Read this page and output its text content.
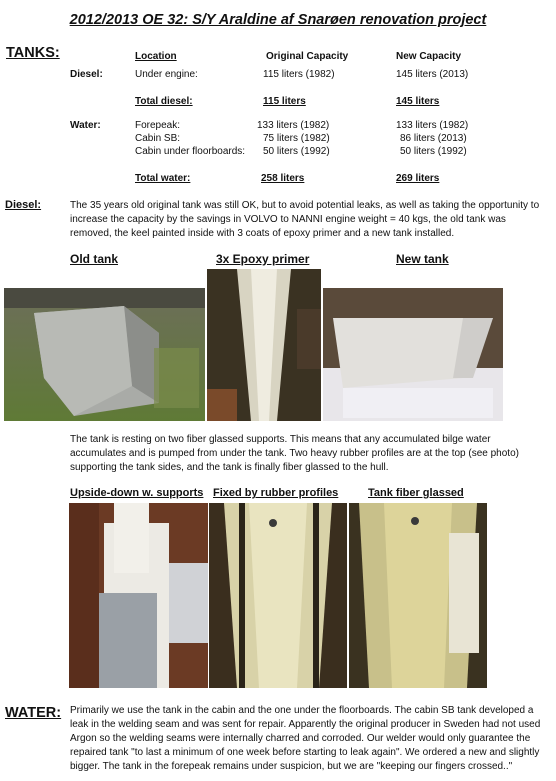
2012/2013 OE 32: S/Y Araldine af Snarøen renovation project
TANKS:	Location	Original Capacity	New Capacity
Diesel:	Under engine:	115 liters (1982)	145 liters (2013)
Total diesel:	115 liters	145 liters
Water:	Forepeak:	133 liters (1982)	133 liters (1982)
Cabin SB:	75 liters (1982)	86 liters (2013)
Cabin under floorboards: 50 liters (1992)	50 liters (1992)
Total water:	258 liters	269 liters
Diesel:	The 35 years old original tank was still OK, but to avoid potential leaks, as well as taking the opportunity to increase the capacity by the savings in VOLVO to NANNI engine weight = 40 kgs, the old tank was removed, the keel painted inside with 3 coats of epoxy primer and a new tank installed.
Old tank	3x Epoxy primer	New tank
The tank is resting on two fiber glassed supports. This means that any accumulated bilge water accumulates and is pumped from under the tank. Two heavy rubber profiles are at the top (see photo) supporting the tank sides, and the tank is finally fiber glassed to the hull.
Upside-down w. supports Fixed by rubber profiles	Tank fiber glassed
WATER: Primarily we use the tank in the cabin and the one under the floorboards. The cabin SB tank developed a leak in the welding seam and was sent for repair. Apparently the original producer in Sweden had not used Argon so the welding seams were internally charred and corroded. Our welder would only guarantee the repaired tank "to last a minimum of one week before starting to leak again". We ordered a new and slightly bigger. The tank in the forepeak remains under suspicion, but we are "keeping our fingers crossed.."
